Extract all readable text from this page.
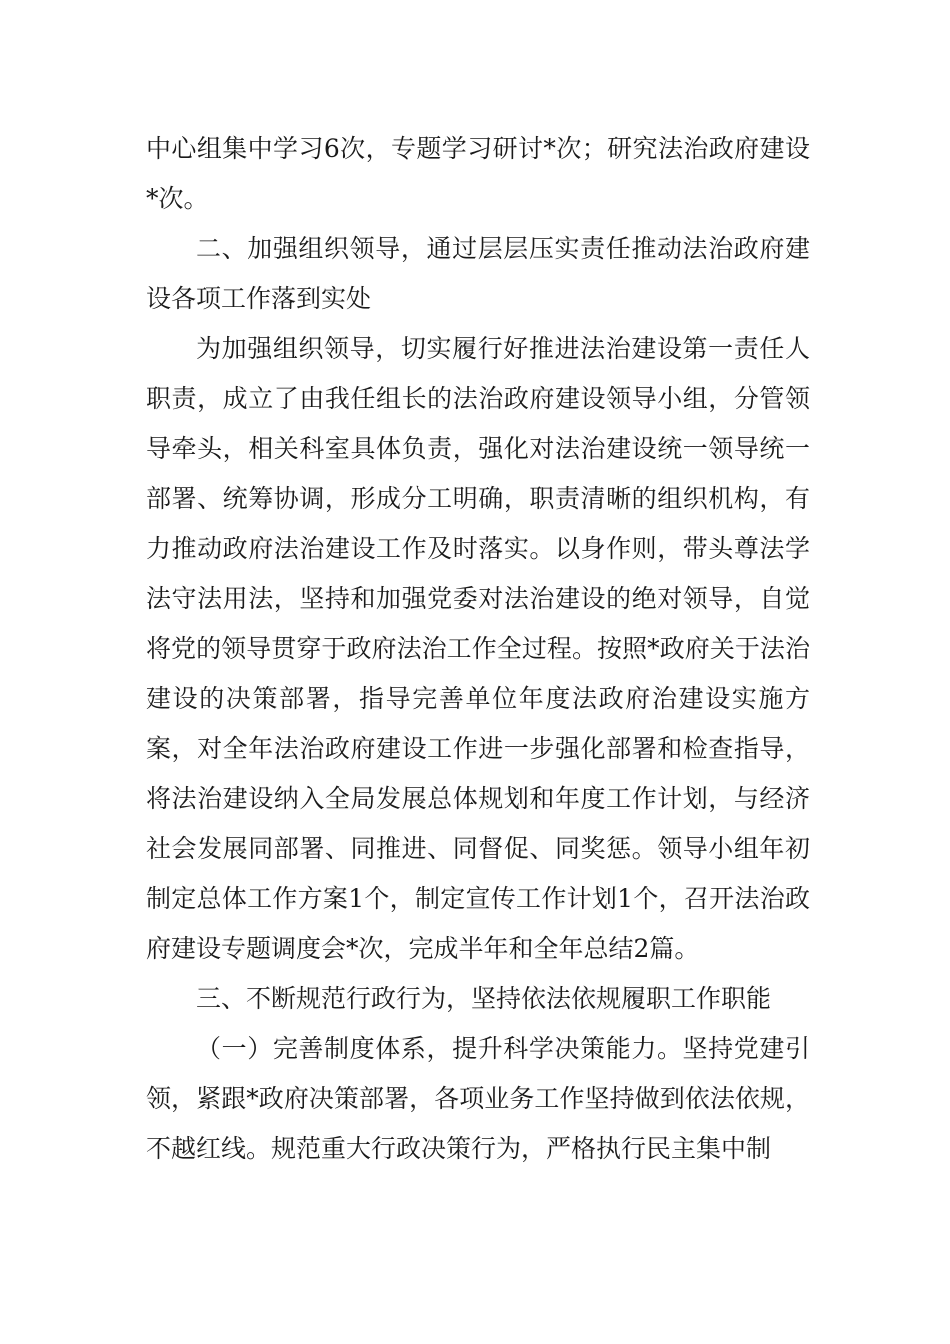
中心组集中学习6次，专题学习研讨*次；研究法治政府建设*次。

二、加强组织领导，通过层层压实责任推动法治政府建设各项工作落到实处

为加强组织领导，切实履行好推进法治建设第一责任人职责，成立了由我任组长的法治政府建设领导小组，分管领导牵头，相关科室具体负责，强化对法治建设统一领导统一部署、统筹协调，形成分工明确，职责清晰的组织机构，有力推动政府法治建设工作及时落实。以身作则，带头尊法学法守法用法，坚持和加强党委对法治建设的绝对领导，自觉将党的领导贯穿于政府法治工作全过程。按照*政府关于法治建设的决策部署，指导完善单位年度法政府治建设实施方案，对全年法治政府建设工作进一步强化部署和检查指导，将法治建设纳入全局发展总体规划和年度工作计划，与经济社会发展同部署、同推进、同督促、同奖惩。领导小组年初制定总体工作方案1个，制定宣传工作计划1个，召开法治政府建设专题调度会*次，完成半年和全年总结2篇。

三、不断规范行政行为，坚持依法依规履职工作职能

（一）完善制度体系，提升科学决策能力。坚持党建引领，紧跟*政府决策部署，各项业务工作坚持做到依法依规，不越红线。规范重大行政决策行为，严格执行民主集中制
